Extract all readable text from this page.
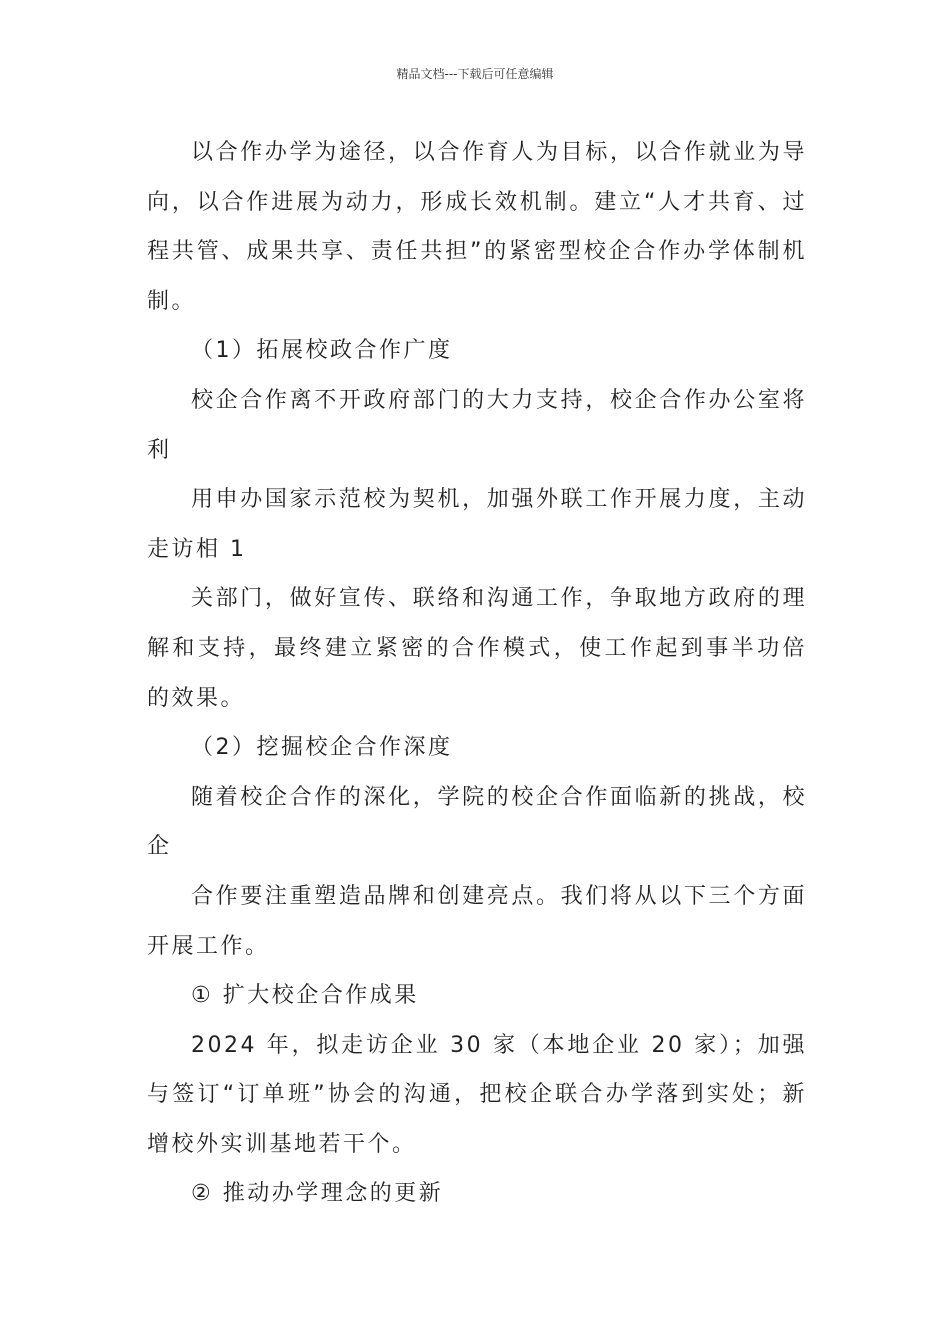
精品文档---下载后可任意编辑

以合作办学为途径，以合作育人为目标，以合作就业为导向，以合作进展为动力，形成长效机制。建立“人才共育、过程共管、成果共享、责任共担”的紧密型校企合作办学体制机制。

（1）拓展校政合作广度

校企合作离不开政府部门的大力支持，校企合作办公室将利

用申办国家示范校为契机，加强外联工作开展力度，主动走访相 1

关部门，做好宣传、联络和沟通工作，争取地方政府的理解和支持，最终建立紧密的合作模式，使工作起到事半功倍的效果。

（2）挖掘校企合作深度

随着校企合作的深化，学院的校企合作面临新的挑战，校企

合作要注重塑造品牌和创建亮点。我们将从以下三个方面开展工作。

① 扩大校企合作成果

2024 年，拟走访企业 30 家（本地企业 20 家）；加强与签订“订单班”协会的沟通，把校企联合办学落到实处；新增校外实训基地若干个。

② 推动办学理念的更新
